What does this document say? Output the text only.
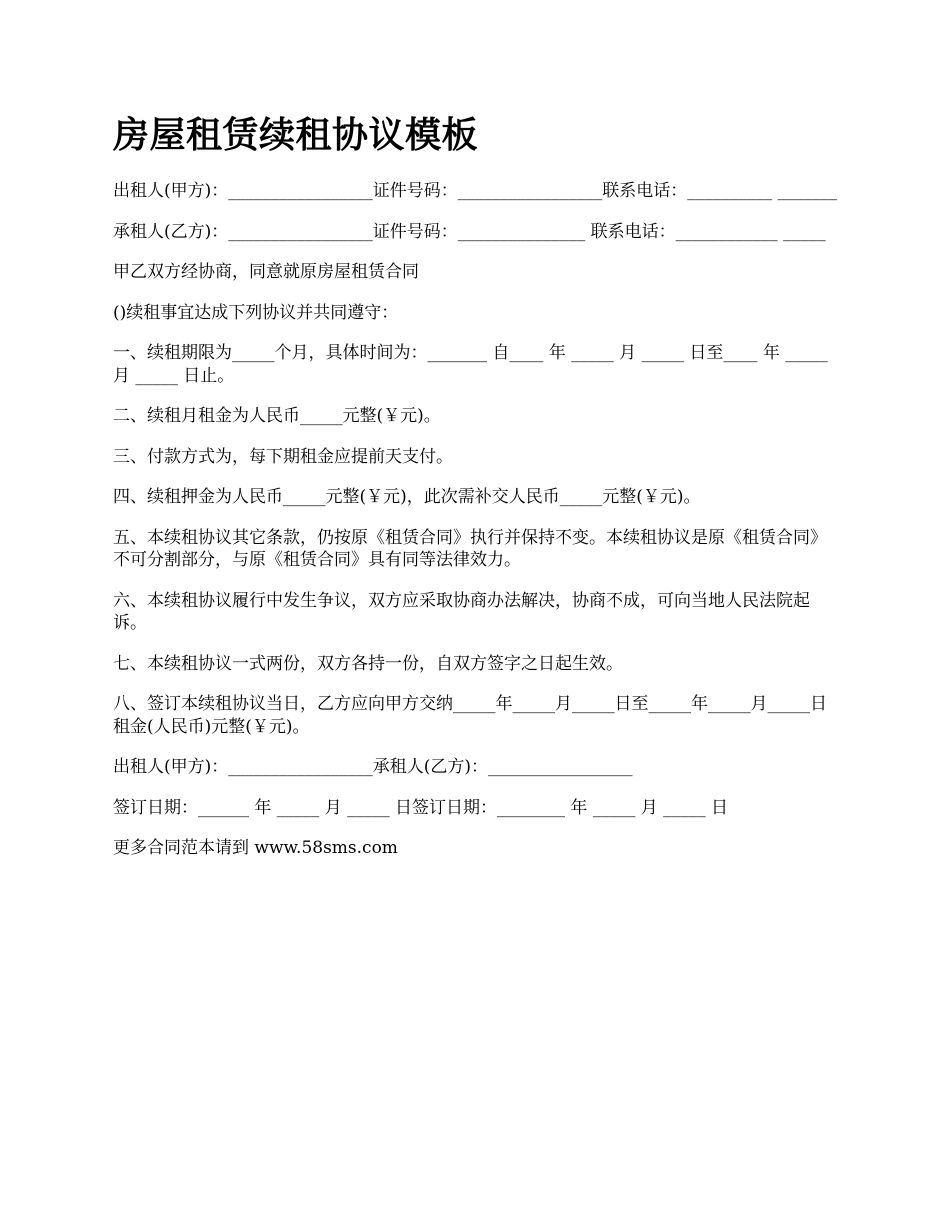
房屋租赁续租协议模板

出租人(甲方)：_________________证件号码：_________________联系电话：__________ _______

承租人(乙方)：_________________证件号码：_______________ 联系电话：____________ _____

甲乙双方经协商，同意就原房屋租赁合同

()续租事宜达成下列协议并共同遵守：

一、续租期限为_____个月，具体时间为：_______ 自____ 年 _____ 月 _____ 日至____ 年 _____ 月 _____ 日止。

二、续租月租金为人民币_____元整(￥元)。

三、付款方式为，每下期租金应提前天支付。

四、续租押金为人民币_____元整(￥元)，此次需补交人民币_____元整(￥元)。

五、本续租协议其它条款，仍按原《租赁合同》执行并保持不变。本续租协议是原《租赁合同》不可分割部分，与原《租赁合同》具有同等法律效力。

六、本续租协议履行中发生争议，双方应采取协商办法解决，协商不成，可向当地人民法院起诉。

七、本续租协议一式两份，双方各持一份，自双方签字之日起生效。

八、签订本续租协议当日，乙方应向甲方交纳_____年_____月_____日至_____年_____月_____日租金(人民币)元整(￥元)。

出租人(甲方)：_________________承租人(乙方)：_________________

签订日期：______ 年 _____ 月 _____ 日签订日期：________ 年 _____ 月 _____ 日

更多合同范本请到 www.58sms.com
